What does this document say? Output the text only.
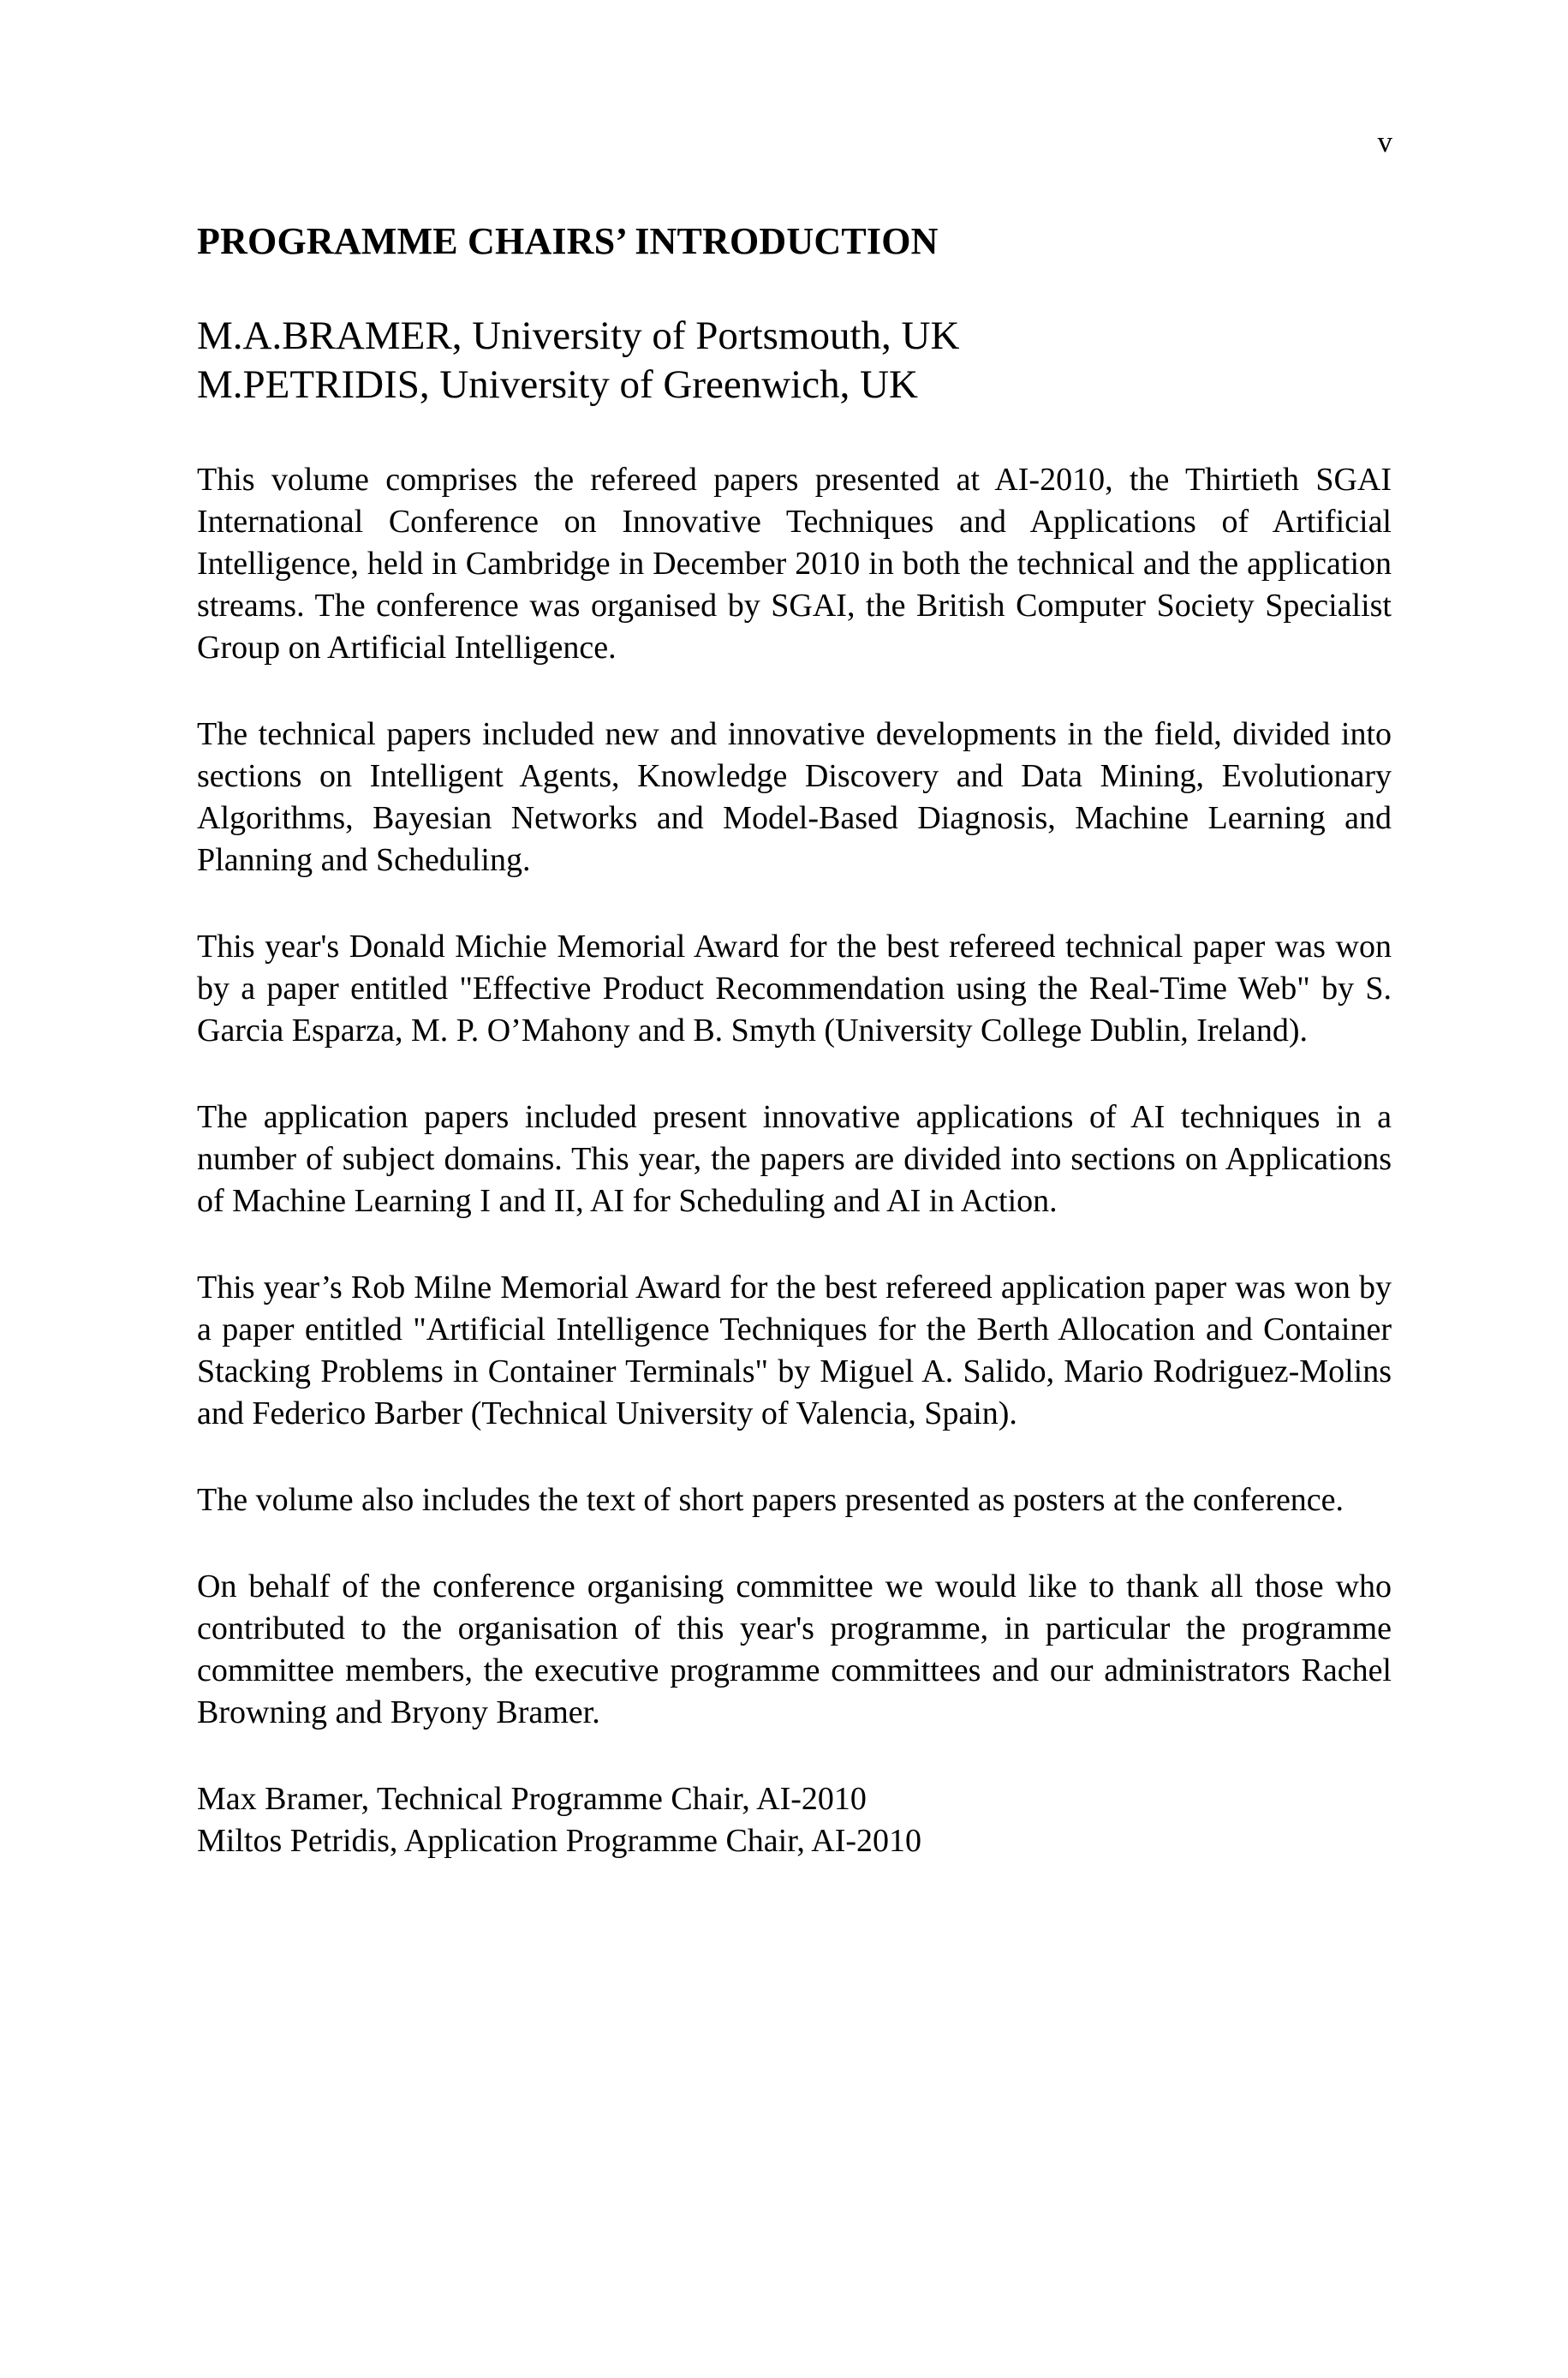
v
PROGRAMME CHAIRS’ INTRODUCTION
M.A.BRAMER, University of Portsmouth, UK
M.PETRIDIS, University of Greenwich, UK

This volume comprises the refereed papers presented at AI-2010, the Thirtieth SGAI International Conference on Innovative Techniques and Applications of Artificial Intelligence, held in Cambridge in December 2010 in both the technical and the application streams. The conference was organised by SGAI, the British Computer Society Specialist Group on Artificial Intelligence.

The technical papers included new and innovative developments in the field, divided into sections on Intelligent Agents, Knowledge Discovery and Data Mining, Evolutionary Algorithms, Bayesian Networks and Model-Based Diagnosis, Machine Learning and Planning and Scheduling.

This year's Donald Michie Memorial Award for the best refereed technical paper was won by a paper entitled "Effective Product Recommendation using the Real-Time Web" by S. Garcia Esparza, M. P. O’Mahony and B. Smyth (University College Dublin, Ireland).

The application papers included present innovative applications of AI techniques in a number of subject domains. This year, the papers are divided into sections on Applications of Machine Learning I and II, AI for Scheduling and AI in Action.

This year’s Rob Milne Memorial Award for the best refereed application paper was won by a paper entitled "Artificial Intelligence Techniques for the Berth Allocation and Container Stacking Problems in Container Terminals" by Miguel A. Salido, Mario Rodriguez-Molins and Federico Barber (Technical University of Valencia, Spain).

The volume also includes the text of short papers presented as posters at the conference.

On behalf of the conference organising committee we would like to thank all those who contributed to the organisation of this year's programme, in particular the programme committee members, the executive programme committees and our administrators Rachel Browning and Bryony Bramer.

Max Bramer, Technical Programme Chair, AI-2010
Miltos Petridis, Application Programme Chair, AI-2010
